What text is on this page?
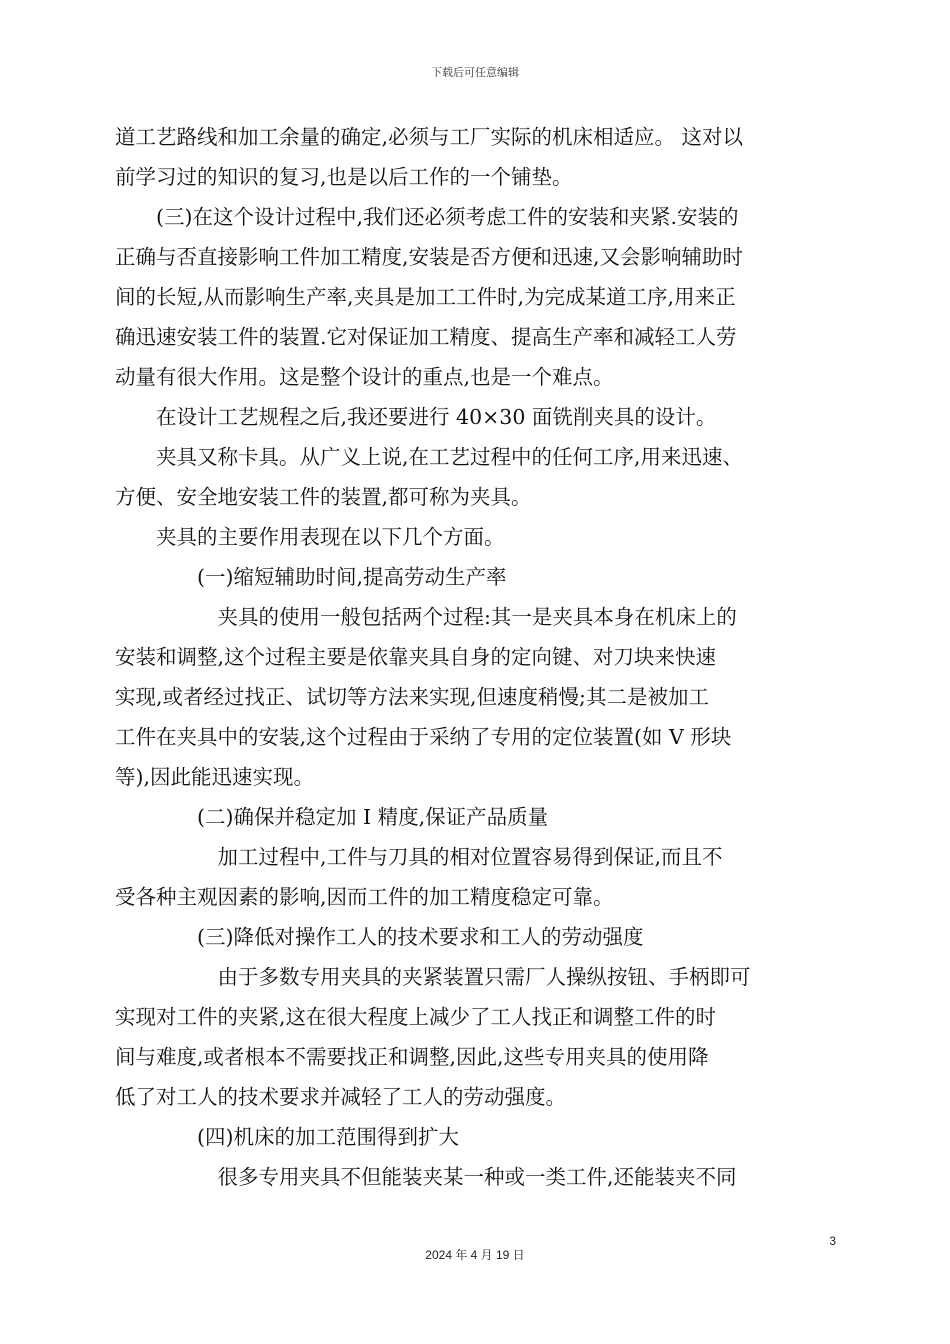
下载后可任意编辑
道工艺路线和加工余量的确定,必须与工厂实际的机床相适应。 这对以
前学习过的知识的复习,也是以后工作的一个铺垫。
　　(三)在这个设计过程中,我们还必须考虑工件的安装和夹紧.安装的
正确与否直接影响工件加工精度,安装是否方便和迅速,又会影响辅助时
间的长短,从而影响生产率,夹具是加工工件时,为完成某道工序,用来正
确迅速安装工件的装置.它对保证加工精度、提高生产率和减轻工人劳
动量有很大作用。这是整个设计的重点,也是一个难点。
　　在设计工艺规程之后,我还要进行 40×30 面铣削夹具的设计。
　　夹具又称卡具。从广义上说,在工艺过程中的任何工序,用来迅速、
方便、安全地安装工件的装置,都可称为夹具。
　　夹具的主要作用表现在以下几个方面。
　　　　(一)缩短辅助时间,提高劳动生产率
　　　　　夹具的使用一般包括两个过程:其一是夹具本身在机床上的
安装和调整,这个过程主要是依靠夹具自身的定向键、对刀块来快速
实现,或者经过找正、试切等方法来实现,但速度稍慢;其二是被加工
工件在夹具中的安装,这个过程由于采纳了专用的定位装置(如 V 形块
等),因此能迅速实现。
　　　　(二)确保并稳定加 I 精度,保证产品质量
　　　　　加工过程中,工件与刀具的相对位置容易得到保证,而且不
受各种主观因素的影响,因而工件的加工精度稳定可靠。
　　　　(三)降低对操作工人的技术要求和工人的劳动强度
　　　　　由于多数专用夹具的夹紧装置只需厂人操纵按钮、手柄即可
实现对工件的夹紧,这在很大程度上减少了工人找正和调整工件的时
间与难度,或者根本不需要找正和调整,因此,这些专用夹具的使用降
低了对工人的技术要求并减轻了工人的劳动强度。
　　　　(四)机床的加工范围得到扩大
　　　　　很多专用夹具不但能装夹某一种或一类工件,还能装夹不同
3
2024 年 4 月 19 日
